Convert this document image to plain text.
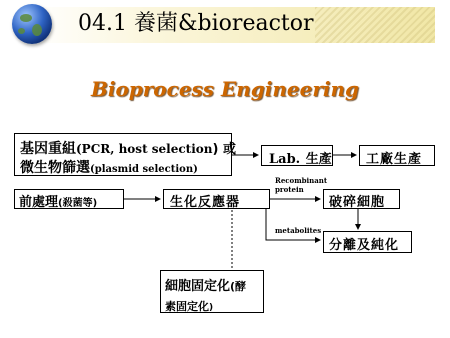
04.1 養菌&bioreactor
Bioprocess Engineering
基因重組(PCR, host selection) 或
微生物篩選(plasmid selection)
Lab. 生產	工廠生產
前處理(殺菌等)	生化反應器
Recombinant
protein
破碎細胞
metabolites
分離及純化
細胞固定化(酵
素固定化)
